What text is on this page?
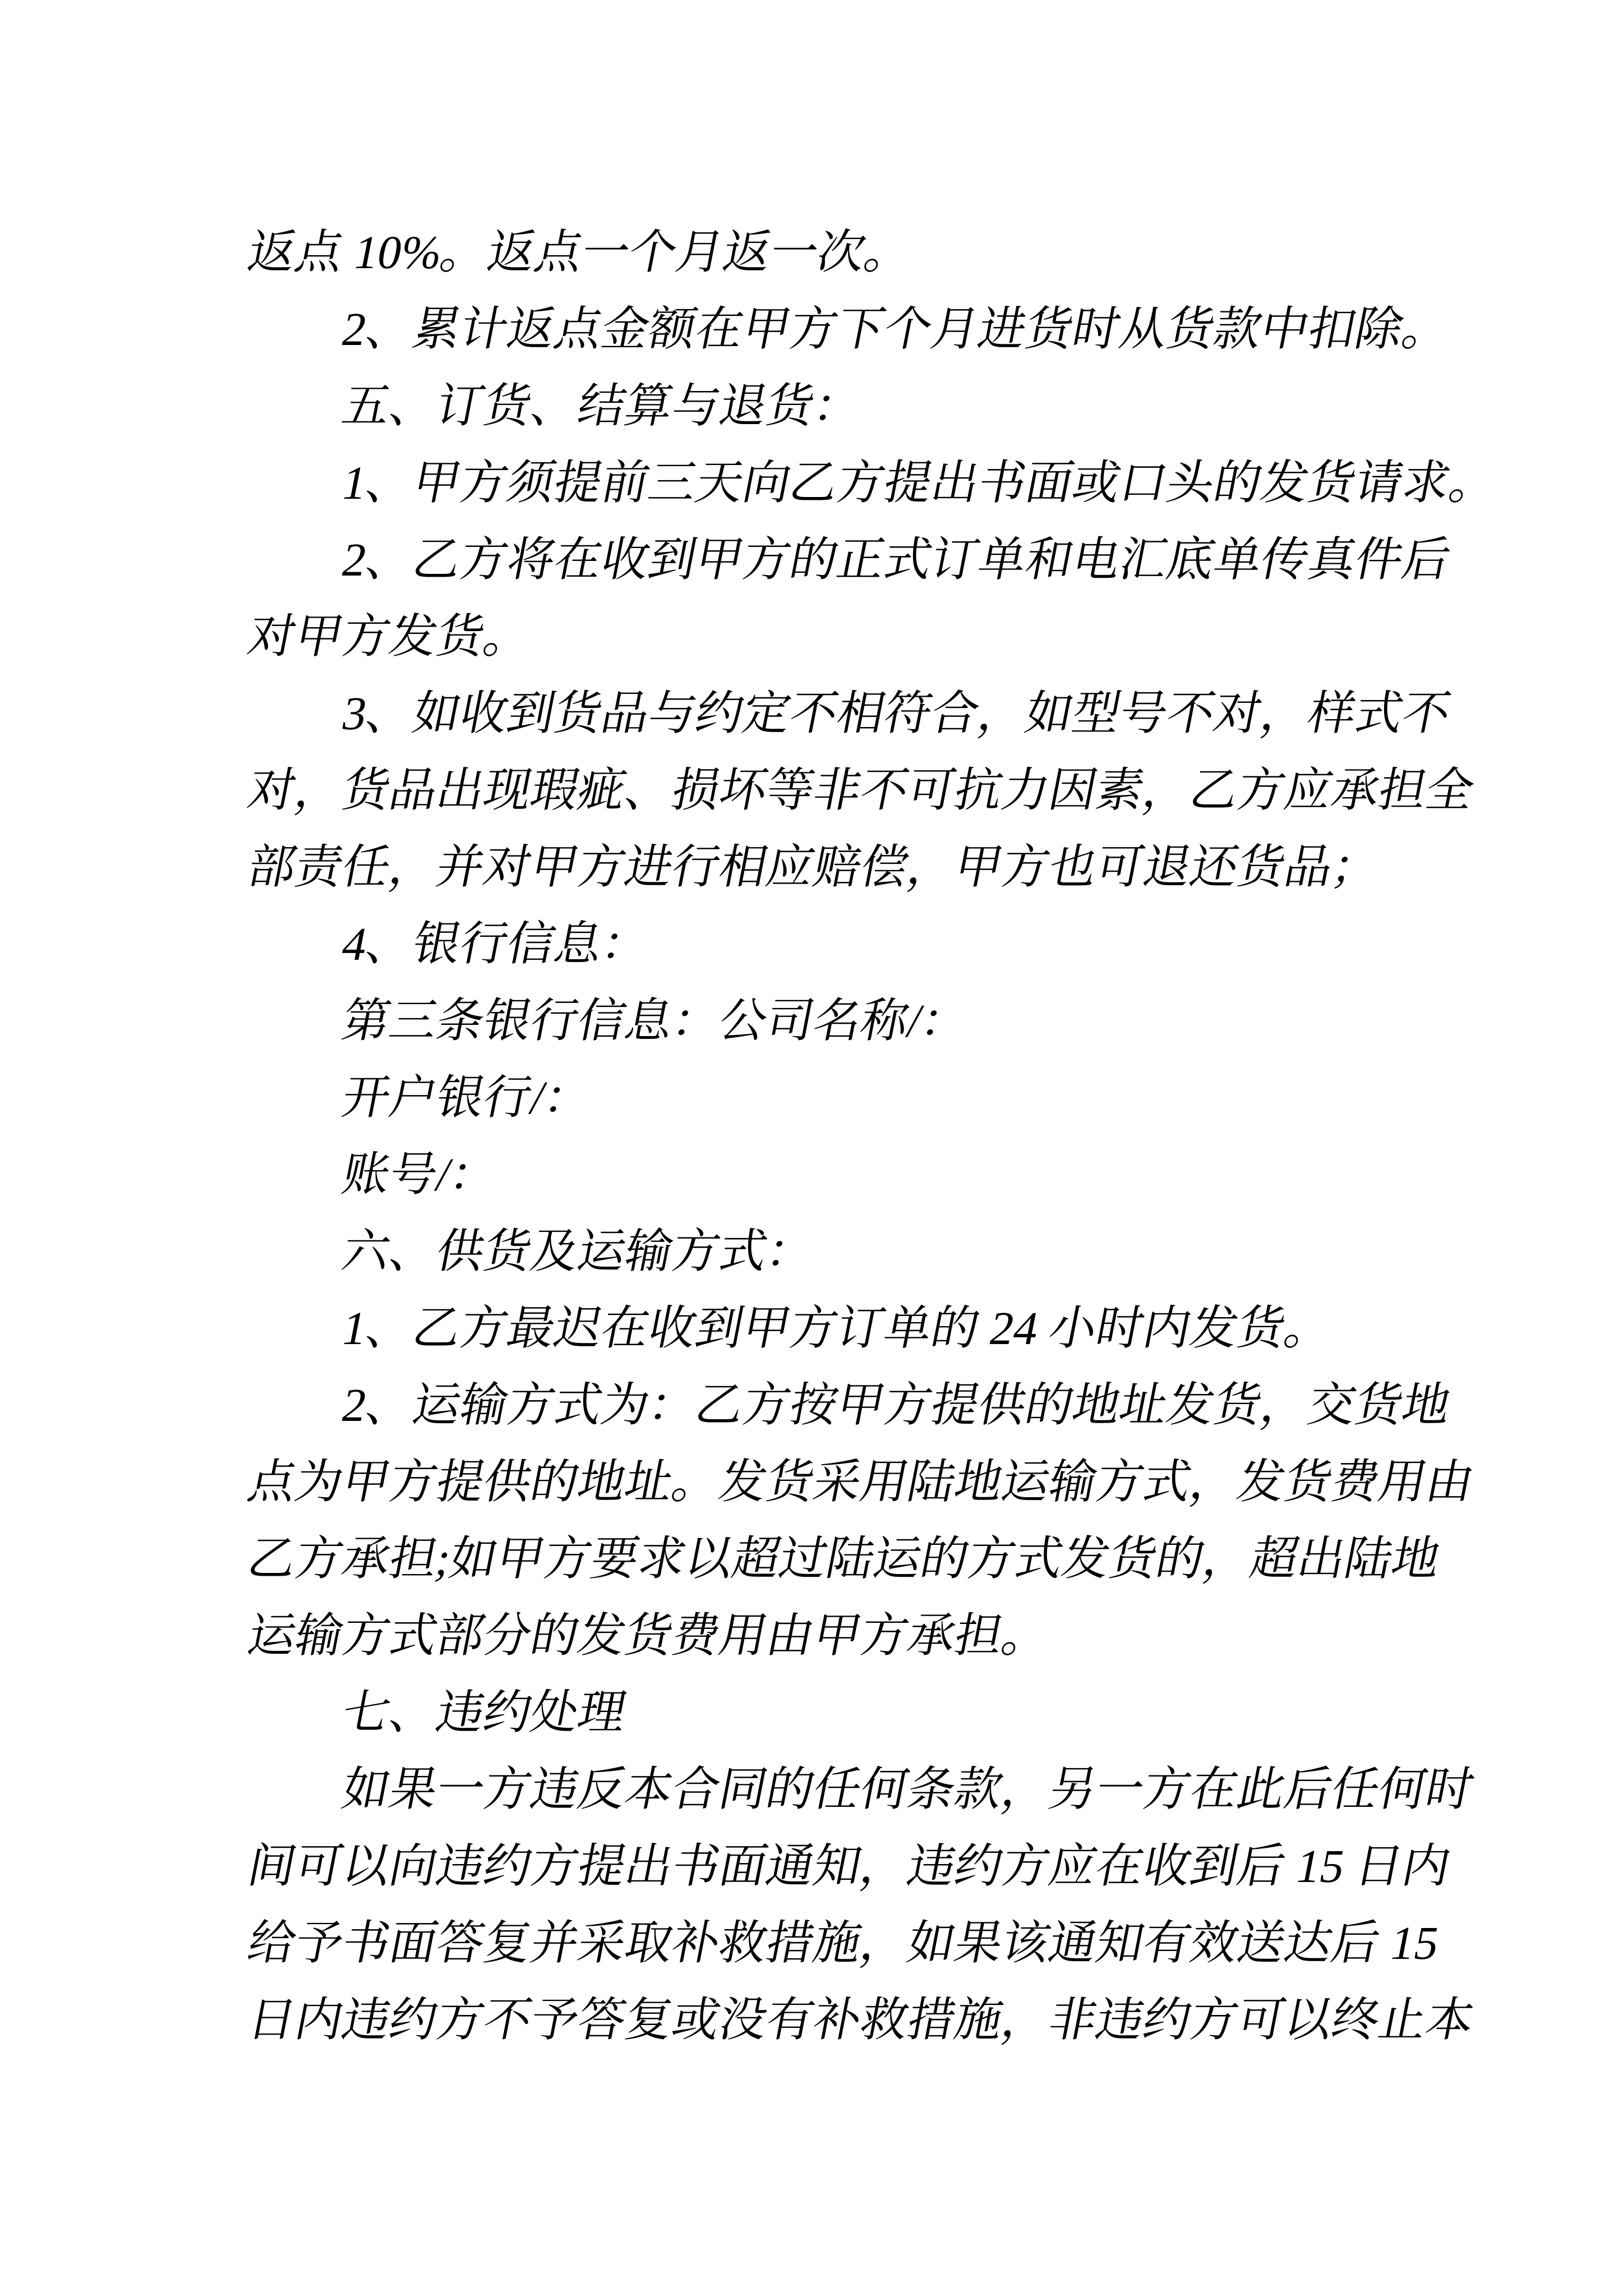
返点 10%。返点一个月返一次。
2、累计返点金额在甲方下个月进货时从货款中扣除。
五、订货、结算与退货：
1、甲方须提前三天向乙方提出书面或口头的发货请求。
2、乙方将在收到甲方的正式订单和电汇底单传真件后
对甲方发货。
3、如收到货品与约定不相符合，如型号不对，样式不
对，货品出现瑕疵、损坏等非不可抗力因素，乙方应承担全
部责任，并对甲方进行相应赔偿，甲方也可退还货品；
4、银行信息：
第三条银行信息：公司名称/：
开户银行/：
账号/：
六、供货及运输方式：
1、乙方最迟在收到甲方订单的 24 小时内发货。
2、运输方式为：乙方按甲方提供的地址发货，交货地
点为甲方提供的地址。发货采用陆地运输方式，发货费用由
乙方承担;如甲方要求以超过陆运的方式发货的，超出陆地
运输方式部分的发货费用由甲方承担。
七、违约处理
如果一方违反本合同的任何条款，另一方在此后任何时
间可以向违约方提出书面通知，违约方应在收到后 15 日内
给予书面答复并采取补救措施，如果该通知有效送达后 15
日内违约方不予答复或没有补救措施，非违约方可以终止本
